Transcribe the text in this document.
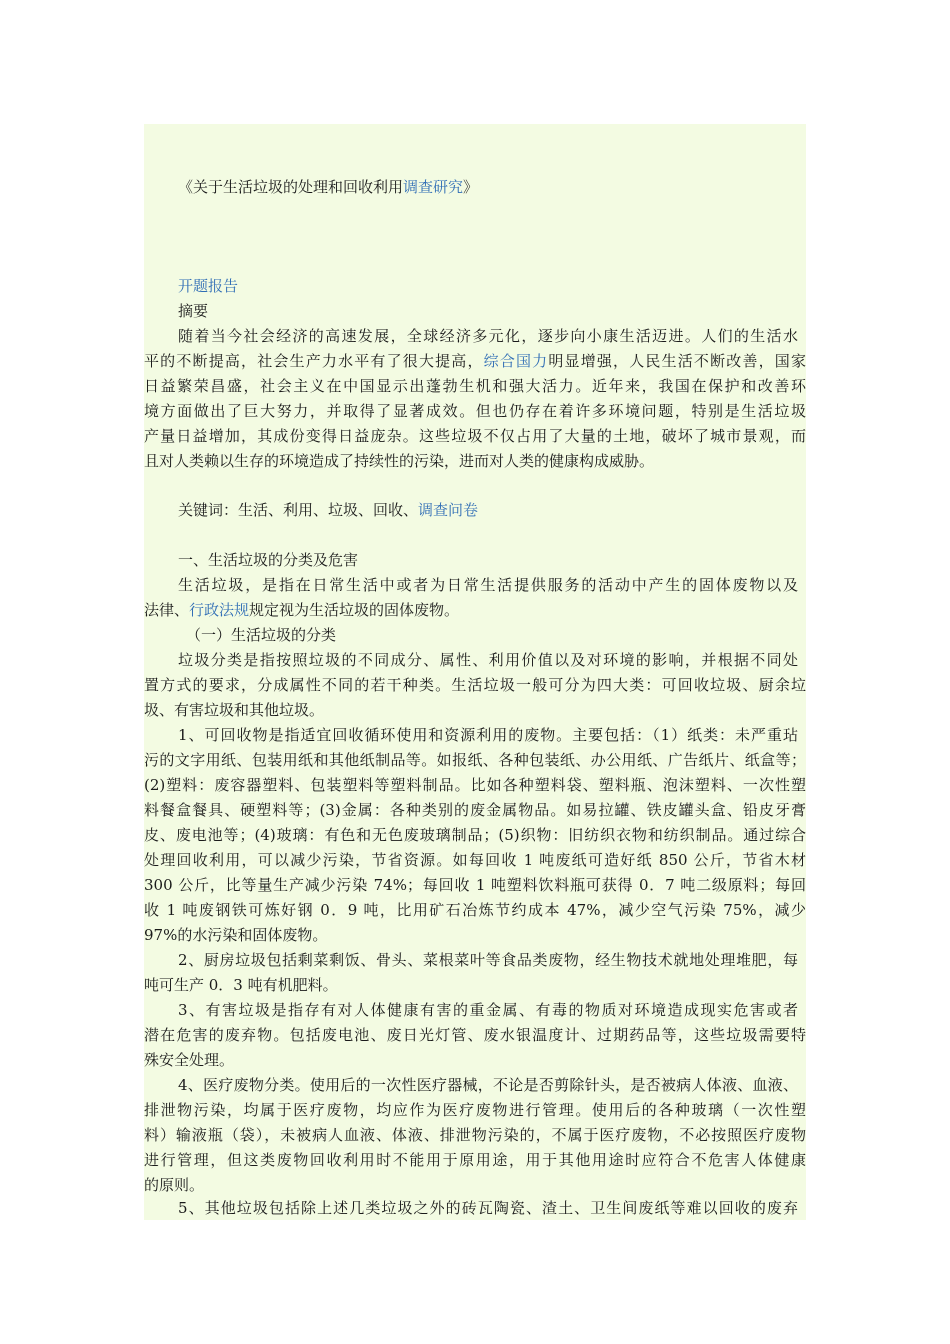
《关于生活垃圾的处理和回收利用调查研究》
开题报告
摘要
随着当今社会经济的高速发展，全球经济多元化，逐步向小康生活迈进。人们的生活水
平的不断提高，社会生产力水平有了很大提高，综合国力明显增强，人民生活不断改善，国家
日益繁荣昌盛，社会主义在中国显示出蓬勃生机和强大活力。近年来，我国在保护和改善环
境方面做出了巨大努力，并取得了显著成效。但也仍存在着许多环境问题，特别是生活垃圾
产量日益增加，其成份变得日益庞杂。这些垃圾不仅占用了大量的土地，破坏了城市景观，而
且对人类赖以生存的环境造成了持续性的污染，进而对人类的健康构成威胁。
关键词：生活、利用、垃圾、回收、调查问卷
一、生活垃圾的分类及危害
生活垃圾，是指在日常生活中或者为日常生活提供服务的活动中产生的固体废物以及
法律、行政法规规定视为生活垃圾的固体废物。
（一）生活垃圾的分类
垃圾分类是指按照垃圾的不同成分、属性、利用价值以及对环境的影响，并根据不同处
置方式的要求，分成属性不同的若干种类。生活垃圾一般可分为四大类：可回收垃圾、厨余垃
圾、有害垃圾和其他垃圾。
1、可回收物是指适宜回收循环使用和资源利用的废物。主要包括：（1）纸类：未严重玷
污的文字用纸、包装用纸和其他纸制品等。如报纸、各种包装纸、办公用纸、广告纸片、纸盒等；
(2)塑料：废容器塑料、包装塑料等塑料制品。比如各种塑料袋、塑料瓶、泡沫塑料、一次性塑
料餐盒餐具、硬塑料等；(3)金属：各种类别的废金属物品。如易拉罐、铁皮罐头盒、铅皮牙膏
皮、废电池等；(4)玻璃：有色和无色废玻璃制品；(5)织物：旧纺织衣物和纺织制品。通过综合
处理回收利用，可以减少污染，节省资源。如每回收 1 吨废纸可造好纸 850 公斤，节省木材
300 公斤，比等量生产减少污染 74%；每回收 1 吨塑料饮料瓶可获得 0．7 吨二级原料；每回
收 1 吨废钢铁可炼好钢 0．9 吨，比用矿石冶炼节约成本 47%，减少空气污染 75%，减少
97%的水污染和固体废物。
2、厨房垃圾包括剩菜剩饭、骨头、菜根菜叶等食品类废物，经生物技术就地处理堆肥，每
吨可生产 0．3 吨有机肥料。
3、有害垃圾是指存有对人体健康有害的重金属、有毒的物质对环境造成现实危害或者
潜在危害的废弃物。包括废电池、废日光灯管、废水银温度计、过期药品等，这些垃圾需要特
殊安全处理。
4、医疗废物分类。使用后的一次性医疗器械，不论是否剪除针头，是否被病人体液、血液、
排泄物污染，均属于医疗废物，均应作为医疗废物进行管理。使用后的各种玻璃（一次性塑
料）输液瓶（袋），未被病人血液、体液、排泄物污染的，不属于医疗废物，不必按照医疗废物
进行管理，但这类废物回收利用时不能用于原用途，用于其他用途时应符合不危害人体健康
的原则。
5、其他垃圾包括除上述几类垃圾之外的砖瓦陶瓷、渣土、卫生间废纸等难以回收的废弃
